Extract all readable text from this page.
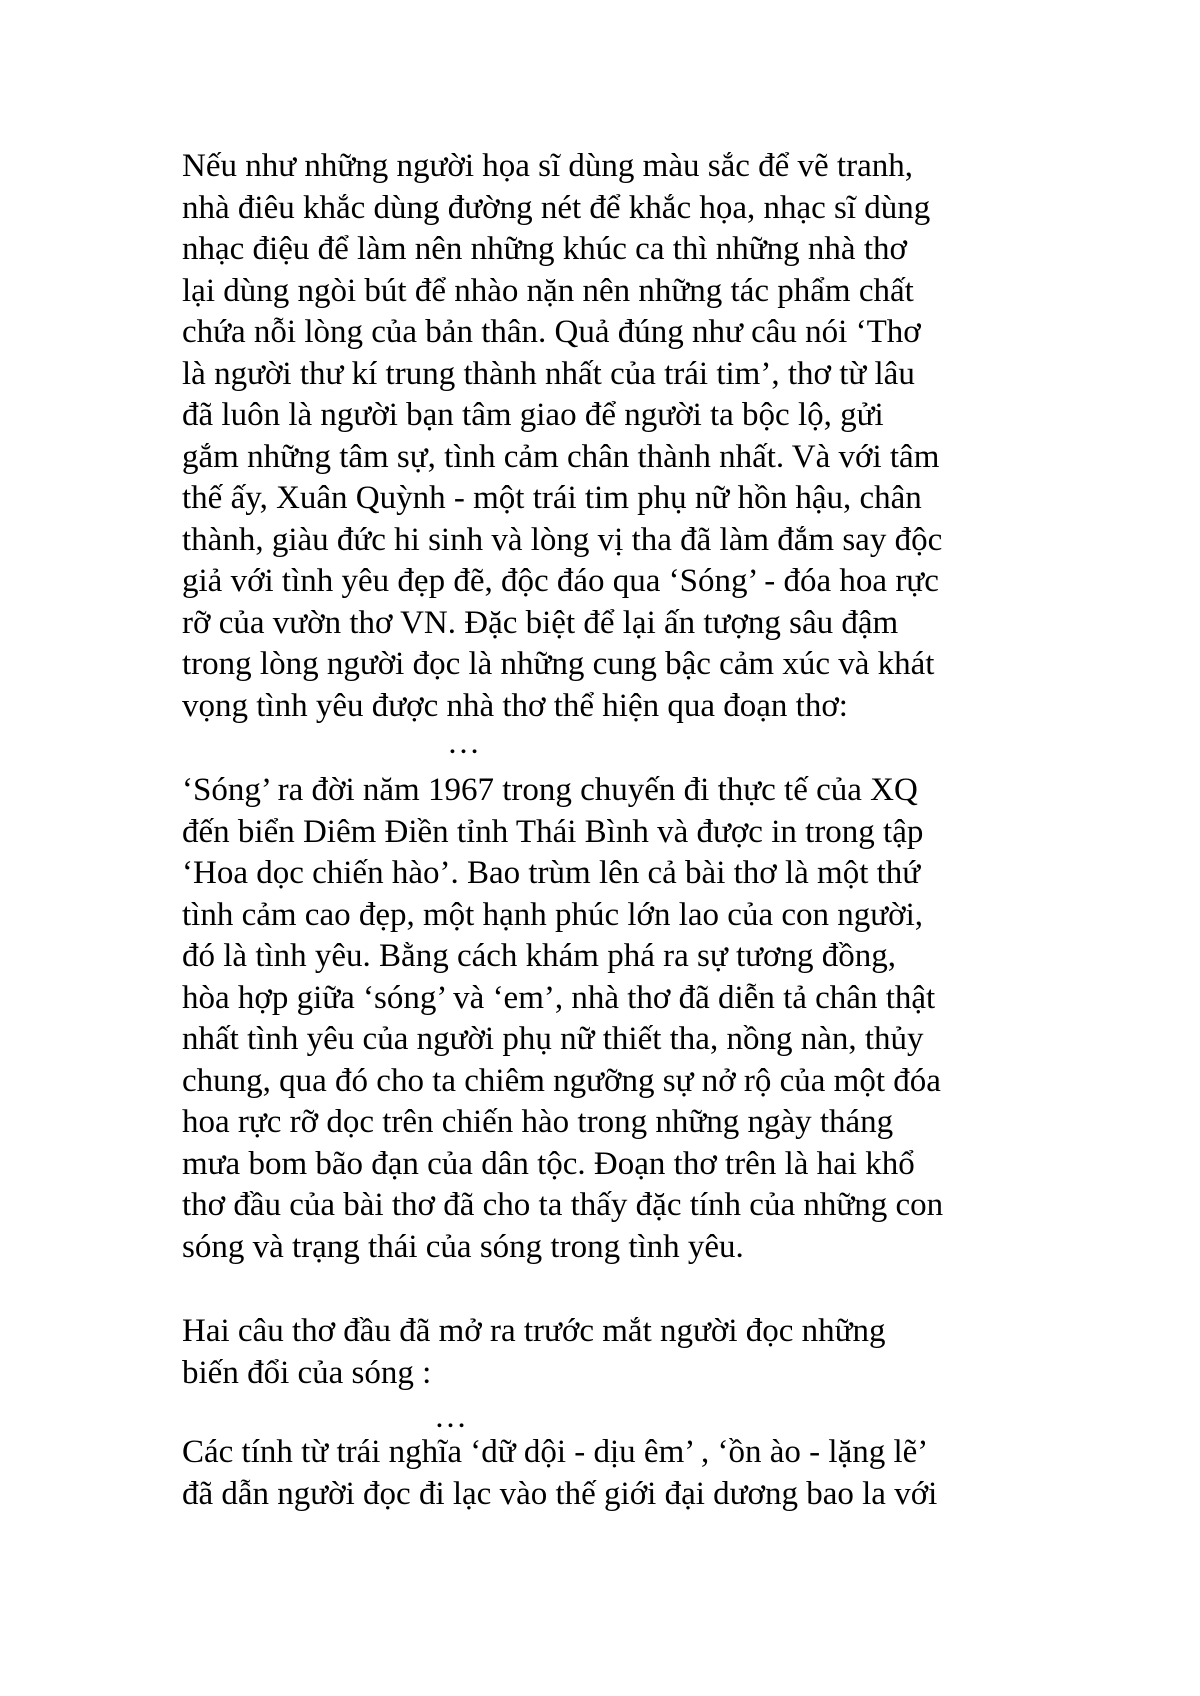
Nếu như những người họa sĩ dùng màu sắc để vẽ tranh,
nhà điêu khắc dùng đường nét để khắc họa, nhạc sĩ dùng
nhạc điệu để làm nên những khúc ca thì những nhà thơ
lại dùng ngòi bút để nhào nặn nên những tác phẩm chất
chứa nỗi lòng của bản thân. Quả đúng như câu nói ‘Thơ
là người thư kí trung thành nhất của trái tim’, thơ từ lâu
đã luôn là người bạn tâm giao để người ta bộc lộ, gửi
gắm những tâm sự, tình cảm chân thành nhất. Và với tâm
thế ấy, Xuân Quỳnh - một trái tim phụ nữ hồn hậu, chân
thành, giàu đức hi sinh và lòng vị tha đã làm đắm say độc
giả với tình yêu đẹp đẽ, độc đáo qua ‘Sóng’ - đóa hoa rực
rỡ của vườn thơ VN. Đặc biệt để lại ấn tượng sâu đậm
trong lòng người đọc là những cung bậc cảm xúc và khát
vọng tình yêu được nhà thơ thể hiện qua đoạn thơ:
…
‘Sóng’ ra đời năm 1967 trong chuyến đi thực tế của XQ
đến biển Diêm Điền tỉnh Thái Bình và được in trong tập
‘Hoa dọc chiến hào’. Bao trùm lên cả bài thơ là một thứ
tình cảm cao đẹp, một hạnh phúc lớn lao của con người,
đó là tình yêu. Bằng cách khám phá ra sự tương đồng,
hòa hợp giữa ‘sóng’ và ‘em’, nhà thơ đã diễn tả chân thật
nhất tình yêu của người phụ nữ thiết tha, nồng nàn, thủy
chung, qua đó cho ta chiêm ngưỡng sự nở rộ của một đóa
hoa rực rỡ dọc trên chiến hào trong những ngày tháng
mưa bom bão đạn của dân tộc. Đoạn thơ trên là hai khổ
thơ đầu của bài thơ đã cho ta thấy đặc tính của những con
sóng và trạng thái của sóng trong tình yêu.
Hai câu thơ đầu đã mở ra trước mắt người đọc những
biến đổi của sóng :
…
Các tính từ trái nghĩa ‘dữ dội - dịu êm’ , ‘ồn ào - lặng lẽ’
đã dẫn người đọc đi lạc vào thế giới đại dương bao la với
